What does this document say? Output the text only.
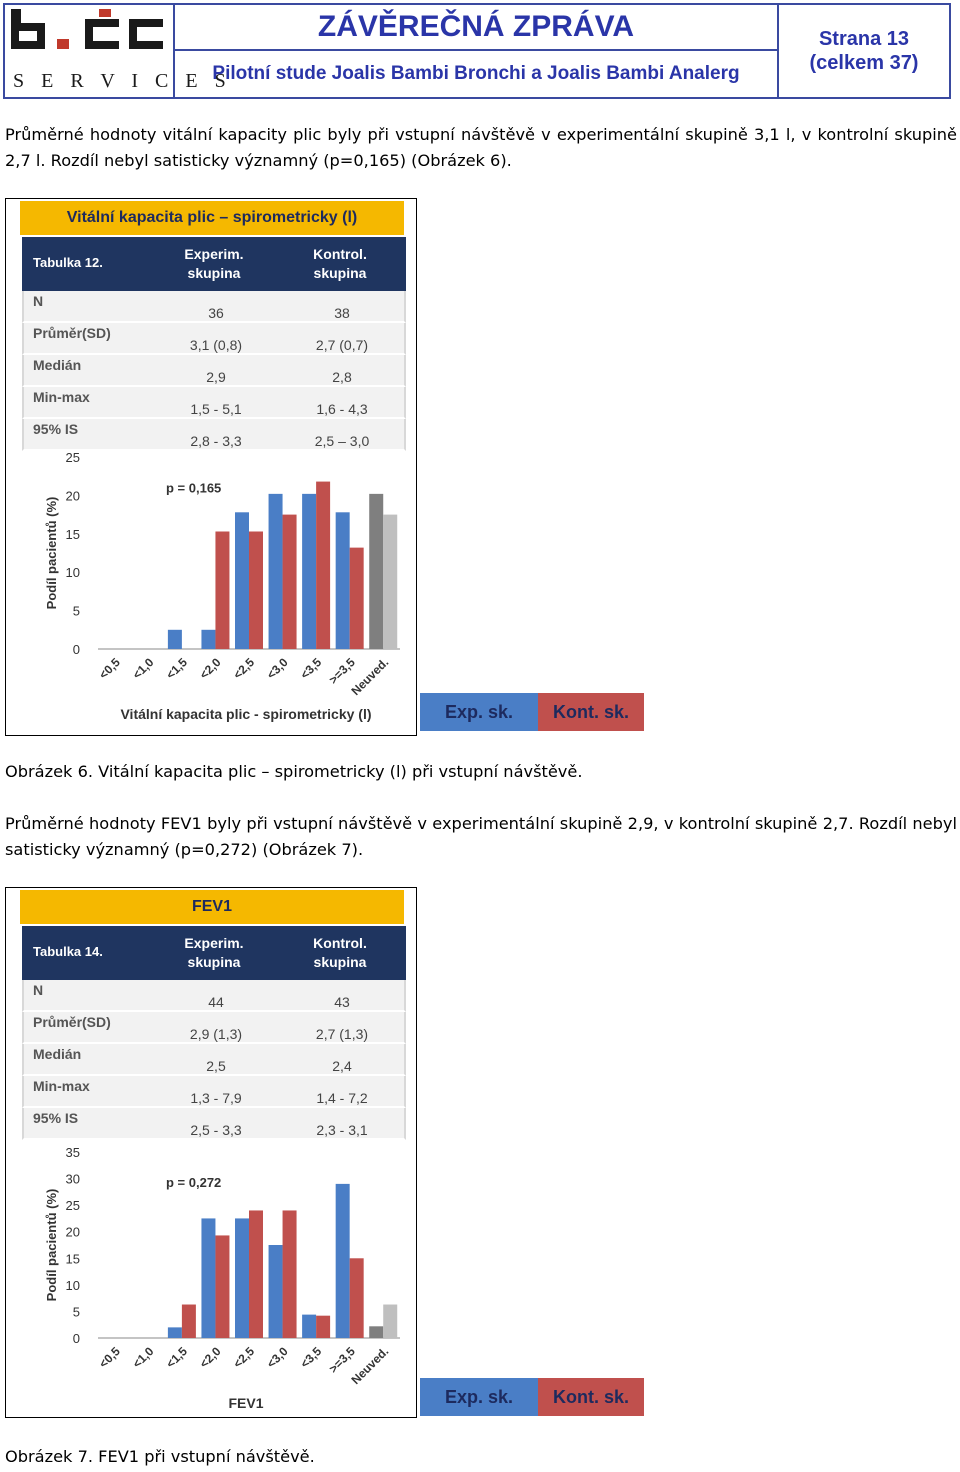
S E R V I C E S
ZÁVĚREČNÁ ZPRÁVA
Pilotní stude Joalis Bambi Bronchi a Joalis Bambi Analerg
Strana 13
(celkem 37)
Průměrné hodnoty vitální kapacity plic byly při vstupní návštěvě v experimentální skupině 3,1 l, v kontrolní skupině 2,7 l. Rozdíl nebyl satisticky významný (p=0,165) (Obrázek 6).
Vitální kapacita plic – spirometricky (l)
Tabulka 12.
Experim.
skupina
Kontrol.
skupina
N
36	38
Průměr(SD)
3,1 (0,8)	2,7 (0,7)
Medián
2,9	2,8
Min-max
1,5 - 5,1	1,6 - 4,3
95% IS
2,8 - 3,3	2,5 – 3,0
0
5
10
15
20
25
Podíl pacientů (%)
p = 0,165
<0,5 <1,0 <1,5 <2,0 <2,5 <3,0 <3,5 >=3,5
Neuved.
Vitální kapacita plic - spirometricky (l)	Exp. sk.	Kont. sk.
Obrázek 6. Vitální kapacita plic – spirometricky (l) při vstupní návštěvě.
Průměrné hodnoty FEV1 byly při vstupní návštěvě v experimentální skupině 2,9, v kontrolní skupině 2,7. Rozdíl nebyl satisticky významný (p=0,272) (Obrázek 7).
FEV1
Tabulka 14.
Experim.
skupina
Kontrol.
skupina
N
44	43
Průměr(SD)
2,9 (1,3)	2,7 (1,3)
Medián
2,5	2,4
Min-max
1,3 - 7,9	1,4 - 7,2
95% IS
2,5 - 3,3	2,3 - 3,1
0
5
10
15
20
25
30
35
Podíl pacientů (%)
p = 0,272
<0,5 <1,0 <1,5 <2,0 <2,5 <3,0 <3,5 >=3,5
Neuved.
FEV1	Exp. sk.	Kont. sk.
Obrázek 7. FEV1 při vstupní návštěvě.
